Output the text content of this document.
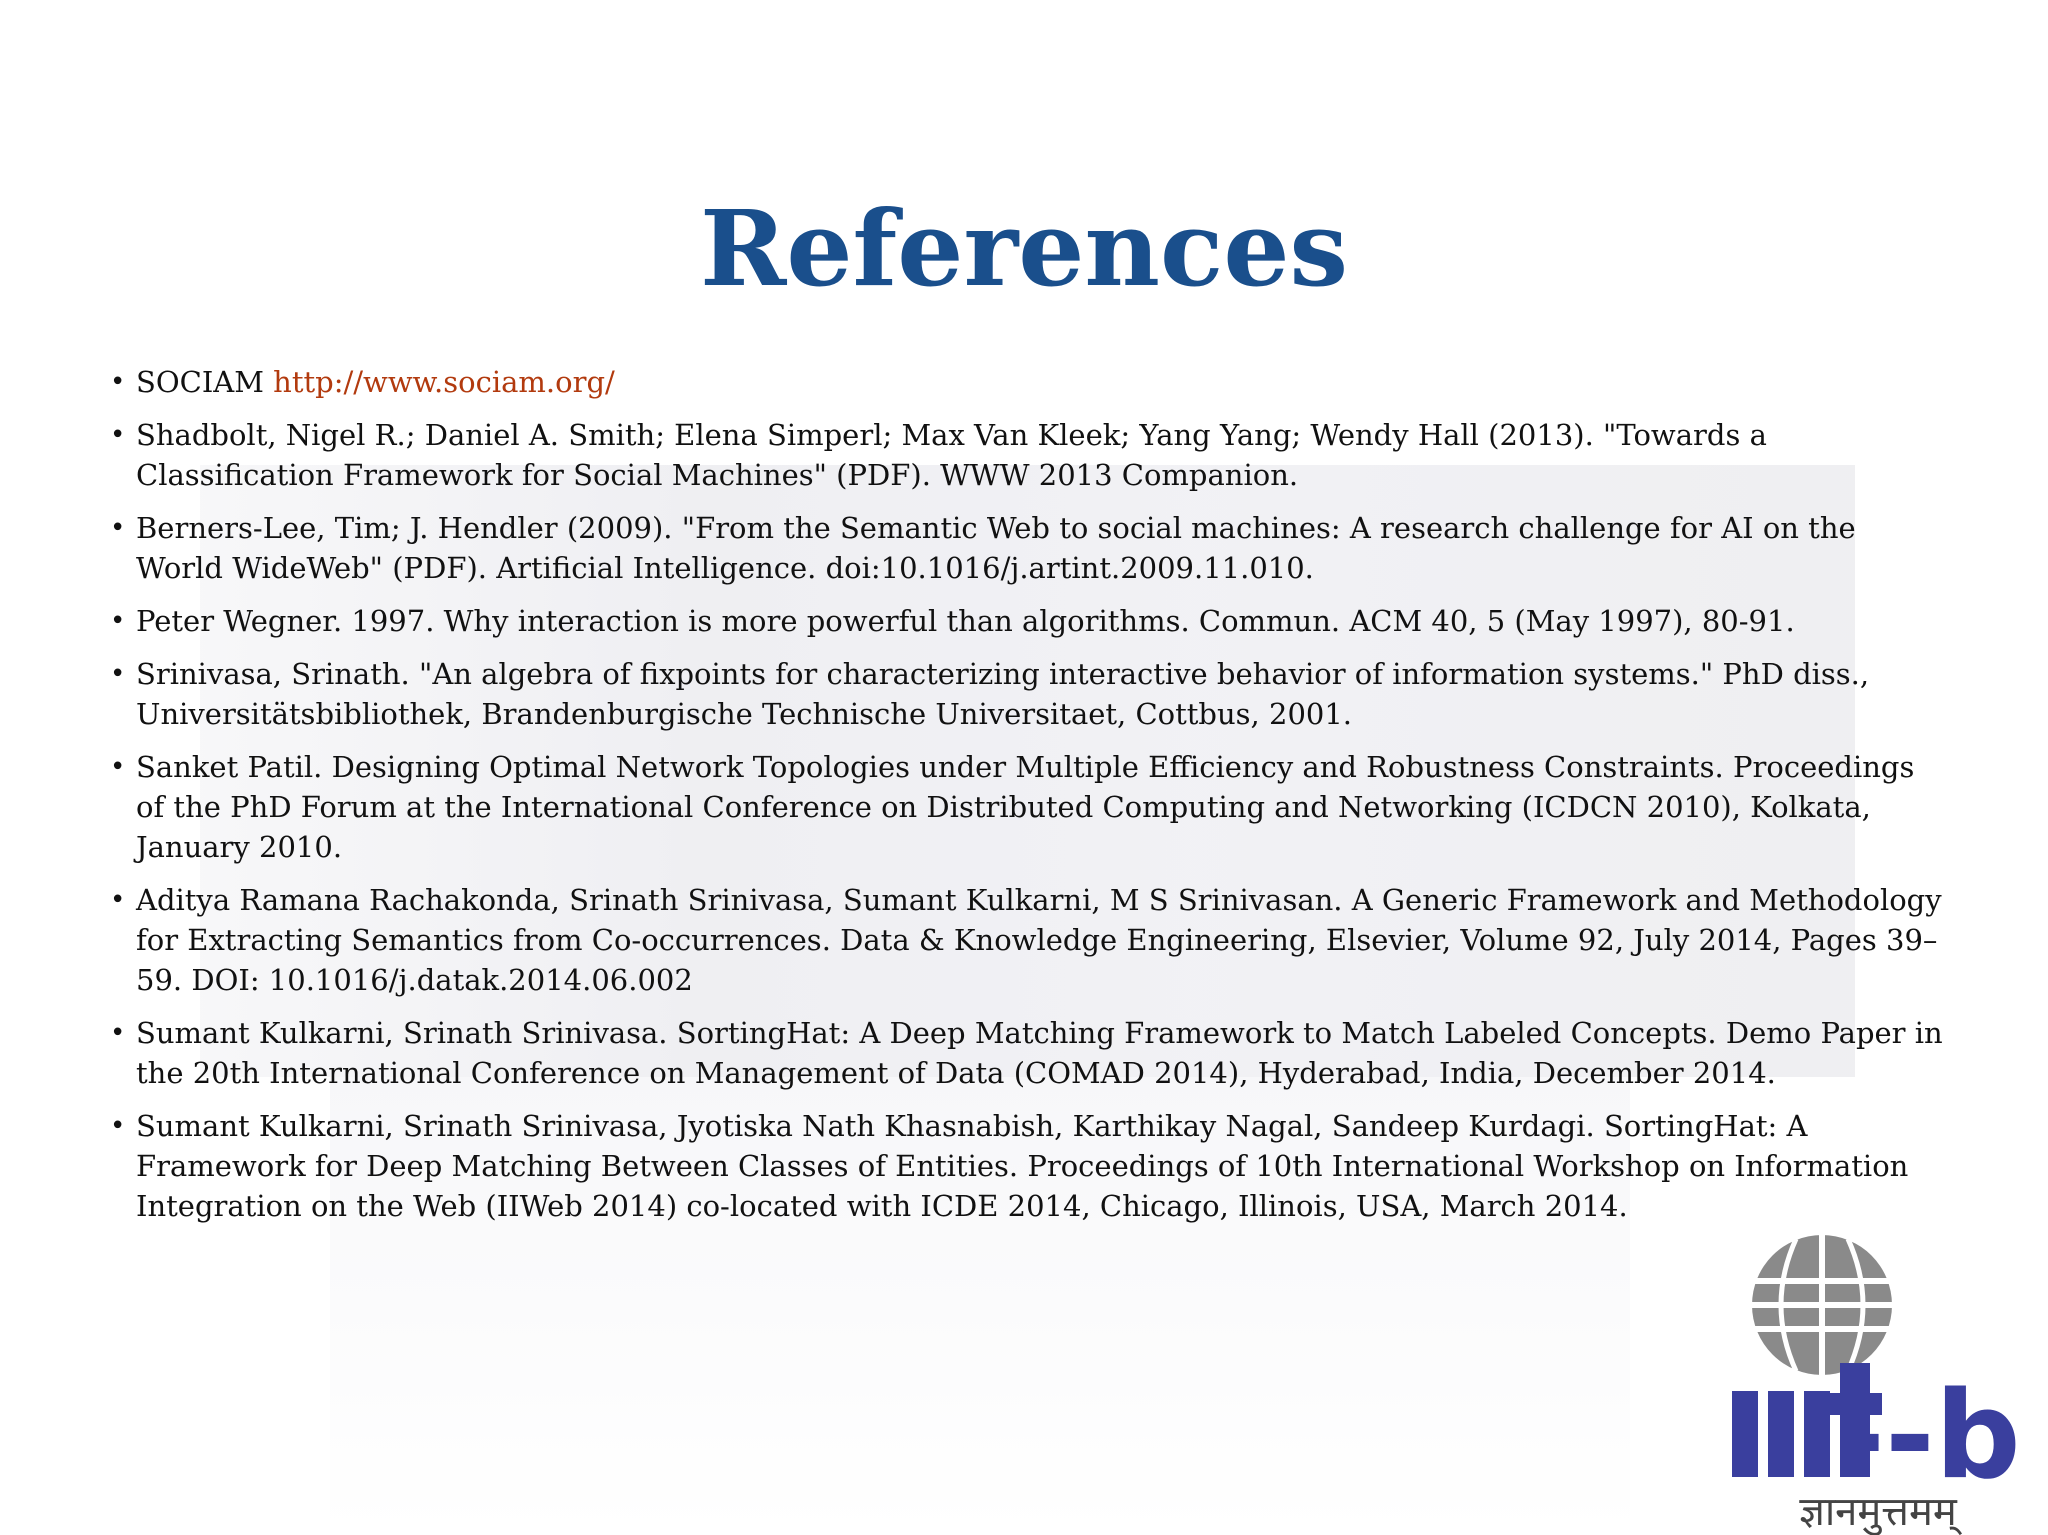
References
• SOCIAM http://www.sociam.org/
• Shadbolt, Nigel R.; Daniel A. Smith; Elena Simperl; Max Van Kleek; Yang Yang; Wendy Hall (2013). "Towards a Classification Framework for Social Machines" (PDF). WWW 2013 Companion.
• Berners-Lee, Tim; J. Hendler (2009). "From the Semantic Web to social machines: A research challenge for AI on the World WideWeb" (PDF). Artificial Intelligence. doi:10.1016/j.artint.2009.11.010.
• Peter Wegner. 1997. Why interaction is more powerful than algorithms. Commun. ACM 40, 5 (May 1997), 80-91.
• Srinivasa, Srinath. "An algebra of fixpoints for characterizing interactive behavior of information systems." PhD diss., Universitätsbibliothek, Brandenburgische Technische Universitaet, Cottbus, 2001.
• Sanket Patil. Designing Optimal Network Topologies under Multiple Efficiency and Robustness Constraints. Proceedings of the PhD Forum at the International Conference on Distributed Computing and Networking (ICDCN 2010), Kolkata, January 2010.
• Aditya Ramana Rachakonda, Srinath Srinivasa, Sumant Kulkarni, M S Srinivasan. A Generic Framework and Methodology for Extracting Semantics from Co-occurrences. Data & Knowledge Engineering, Elsevier, Volume 92, July 2014, Pages 39–59. DOI: 10.1016/j.datak.2014.06.002
• Sumant Kulkarni, Srinath Srinivasa. SortingHat: A Deep Matching Framework to Match Labeled Concepts. Demo Paper in the 20th International Conference on Management of Data (COMAD 2014), Hyderabad, India, December 2014.
• Sumant Kulkarni, Srinath Srinivasa, Jyotiska Nath Khasnabish, Karthikay Nagal, Sandeep Kurdagi. SortingHat: A Framework for Deep Matching Between Classes of Entities. Proceedings of 10th International Workshop on Information Integration on the Web (IIWeb 2014) co-located with ICDE 2014, Chicago, Illinois, USA, March 2014.
--b
ज्ञानमुत्तमम्
